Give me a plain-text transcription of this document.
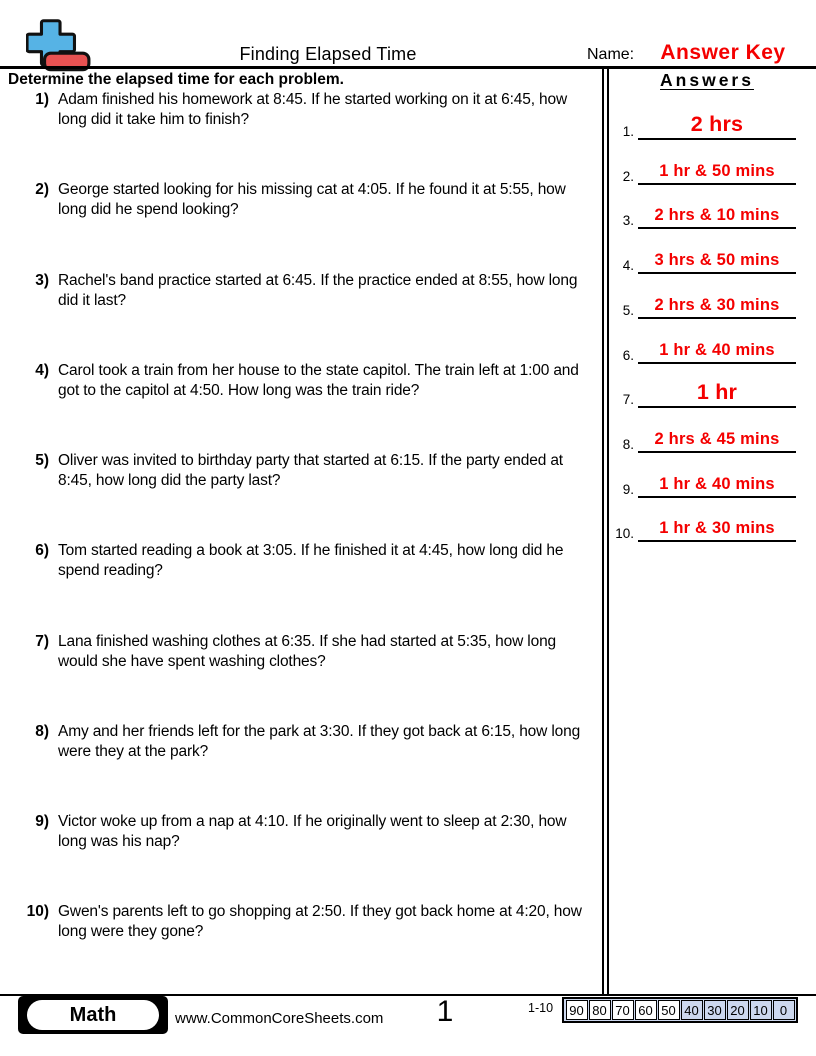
Finding Elapsed Time	Name:	Answer Key
Determine the elapsed time for each problem.
1) Adam finished his homework at 8:45. If he started working on it at 6:45, how long did it take him to finish?
2) George started looking for his missing cat at 4:05. If he found it at 5:55, how long did he spend looking?
3) Rachel's band practice started at 6:45. If the practice ended at 8:55, how long did it last?
4) Carol took a train from her house to the state capitol. The train left at 1:00 and got to the capitol at 4:50. How long was the train ride?
5) Oliver was invited to birthday party that started at 6:15. If the party ended at 8:45, how long did the party last?
6) Tom started reading a book at 3:05. If he finished it at 4:45, how long did he spend reading?
7) Lana finished washing clothes at 6:35. If she had started at 5:35, how long would she have spent washing clothes?
8) Amy and her friends left for the park at 3:30. If they got back at 6:15, how long were they at the park?
9) Victor woke up from a nap at 4:10. If he originally went to sleep at 2:30, how long was his nap?
10) Gwen's parents left to go shopping at 2:50. If they got back home at 4:20, how long were they gone?
Answers
1.	2 hrs
2.	1 hr & 50 mins
3.	2 hrs & 10 mins
4.	3 hrs & 50 mins
5.	2 hrs & 30 mins
6.	1 hr & 40 mins
7.	1 hr
8.	2 hrs & 45 mins
9.	1 hr & 40 mins
10.	1 hr & 30 mins
Math	www.CommonCoreSheets.com	1	1-10 90 80 70 60 50 40 30 20 10 0
